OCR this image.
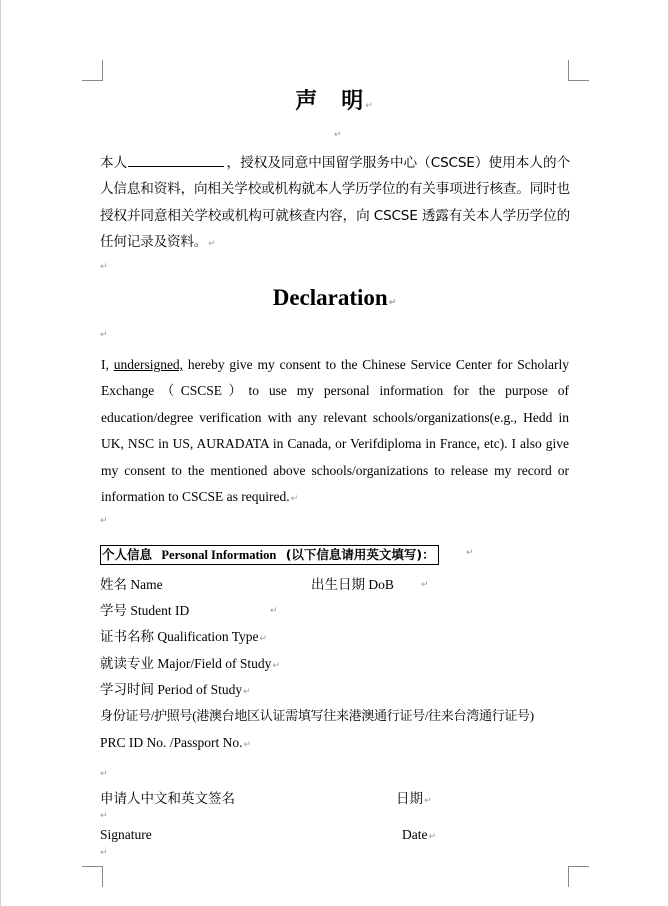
声　明↵
↵
本人	，授权及同意中国留学服务中心（CSCSE）使用本人的个人信息和资料，向相关学校或机构就本人学历学位的有关事项进行核查。同时也授权并同意相关学校或机构可就核查内容，向 CSCSE 透露有关本人学历学位的任何记录及资料。↵
↵
Declaration↵
↵
I, undersigned, hereby give my consent to the Chinese Service Center for Scholarly Exchange（CSCSE）to use my personal information for the purpose of education/degree verification with any relevant schools/organizations(e.g., Hedd in UK, NSC in US, AURADATA in Canada, or Verifdiploma in France, etc). I also give my consent to the mentioned above schools/organizations to release my record or information to CSCSE as required.↵
↵
个人信息 Personal Information (以下信息请用英文填写)：	↵
姓名 Name	出生日期 DoB	↵
学号 Student ID	↵
证书名称 Qualification Type↵
就读专业 Major/Field of Study↵
学习时间 Period of Study↵
身份证号/护照号(港澳台地区认证需填写往来港澳通行证号/往来台湾通行证号)
PRC ID No. /Passport No.↵
↵
申请人中文和英文签名	日期↵
↵
Signature	Date↵
↵
